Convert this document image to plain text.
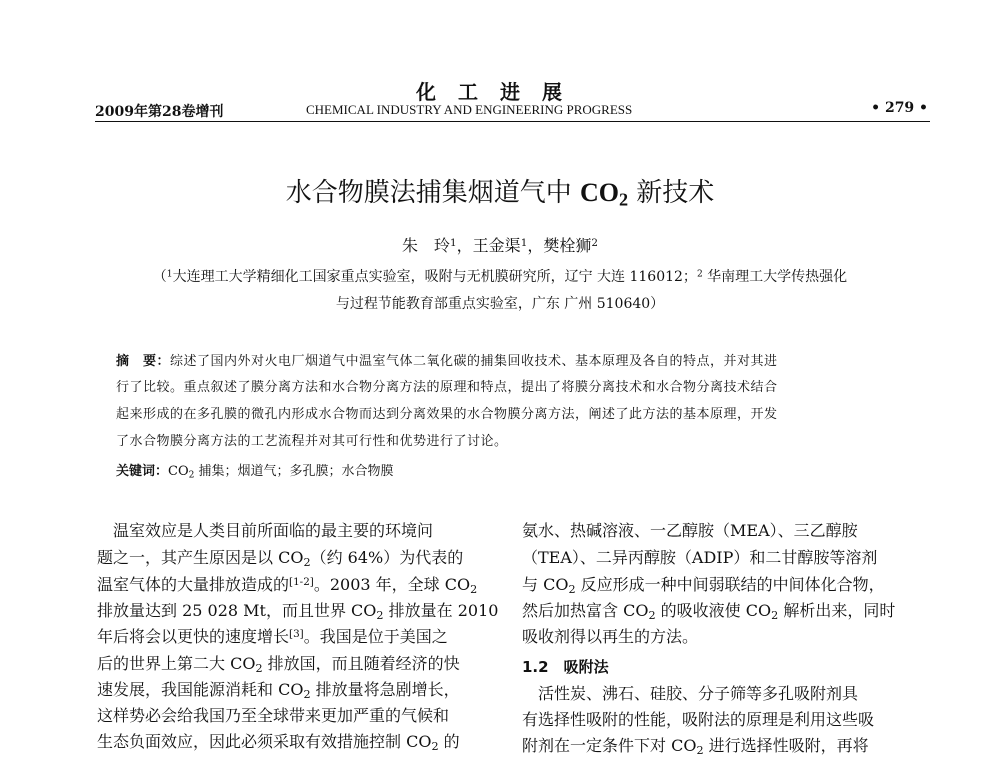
化工进展
2009年第28卷增刊	CHEMICAL INDUSTRY AND ENGINEERING PROGRESS	• 279 •
水合物膜法捕集烟道气中 $CO_2$ 新技术
朱　玲$^1$，王金渠$^1$，樊栓狮$^2$
（$^1$大连理工大学精细化工国家重点实验室，吸附与无机膜研究所，辽宁 大连 116012；$^2$ 华南理工大学传热强化
与过程节能教育部重点实验室，广东 广州 510640）
摘　要：综述了国内外对火电厂烟道气中温室气体二氧化碳的捕集回收技术、基本原理及各自的特点，并对其进
行了比较。重点叙述了膜分离方法和水合物分离方法的原理和特点，提出了将膜分离技术和水合物分离技术结合
起来形成的在多孔膜的微孔内形成水合物而达到分离效果的水合物膜分离方法，阐述了此方法的基本原理，开发
了水合物膜分离方法的工艺流程并对其可行性和优势进行了讨论。
关键词：$CO_2$ 捕集；烟道气；多孔膜；水合物膜
　温室效应是人类目前所面临的最主要的环境问
题之一，其产生原因是以 $CO_2$（约 64%）为代表的
温室气体的大量排放造成的[1-2]。2003 年，全球 $CO_2$
排放量达到 25 028 Mt，而且世界 $CO_2$ 排放量在 2010
年后将会以更快的速度增长[3]。我国是位于美国之
后的世界上第二大 $CO_2$ 排放国，而且随着经济的快
速发展，我国能源消耗和 $CO_2$ 排放量将急剧增长，
这样势必会给我国乃至全球带来更加严重的气候和
生态负面效应，因此必须采取有效措施控制 $CO_2$ 的
氨水、热碱溶液、一乙醇胺（MEA）、三乙醇胺
（TEA）、二异丙醇胺（ADIP）和二甘醇胺等溶剂
与 $CO_2$ 反应形成一种中间弱联结的中间体化合物，
然后加热富含 $CO_2$ 的吸收液使 $CO_2$ 解析出来，同时
吸收剂得以再生的方法。
1.2　吸附法
　活性炭、沸石、硅胶、分子筛等多孔吸附剂具
有选择性吸附的性能，吸附法的原理是利用这些吸
附剂在一定条件下对 $CO_2$ 进行选择性吸附，再将
